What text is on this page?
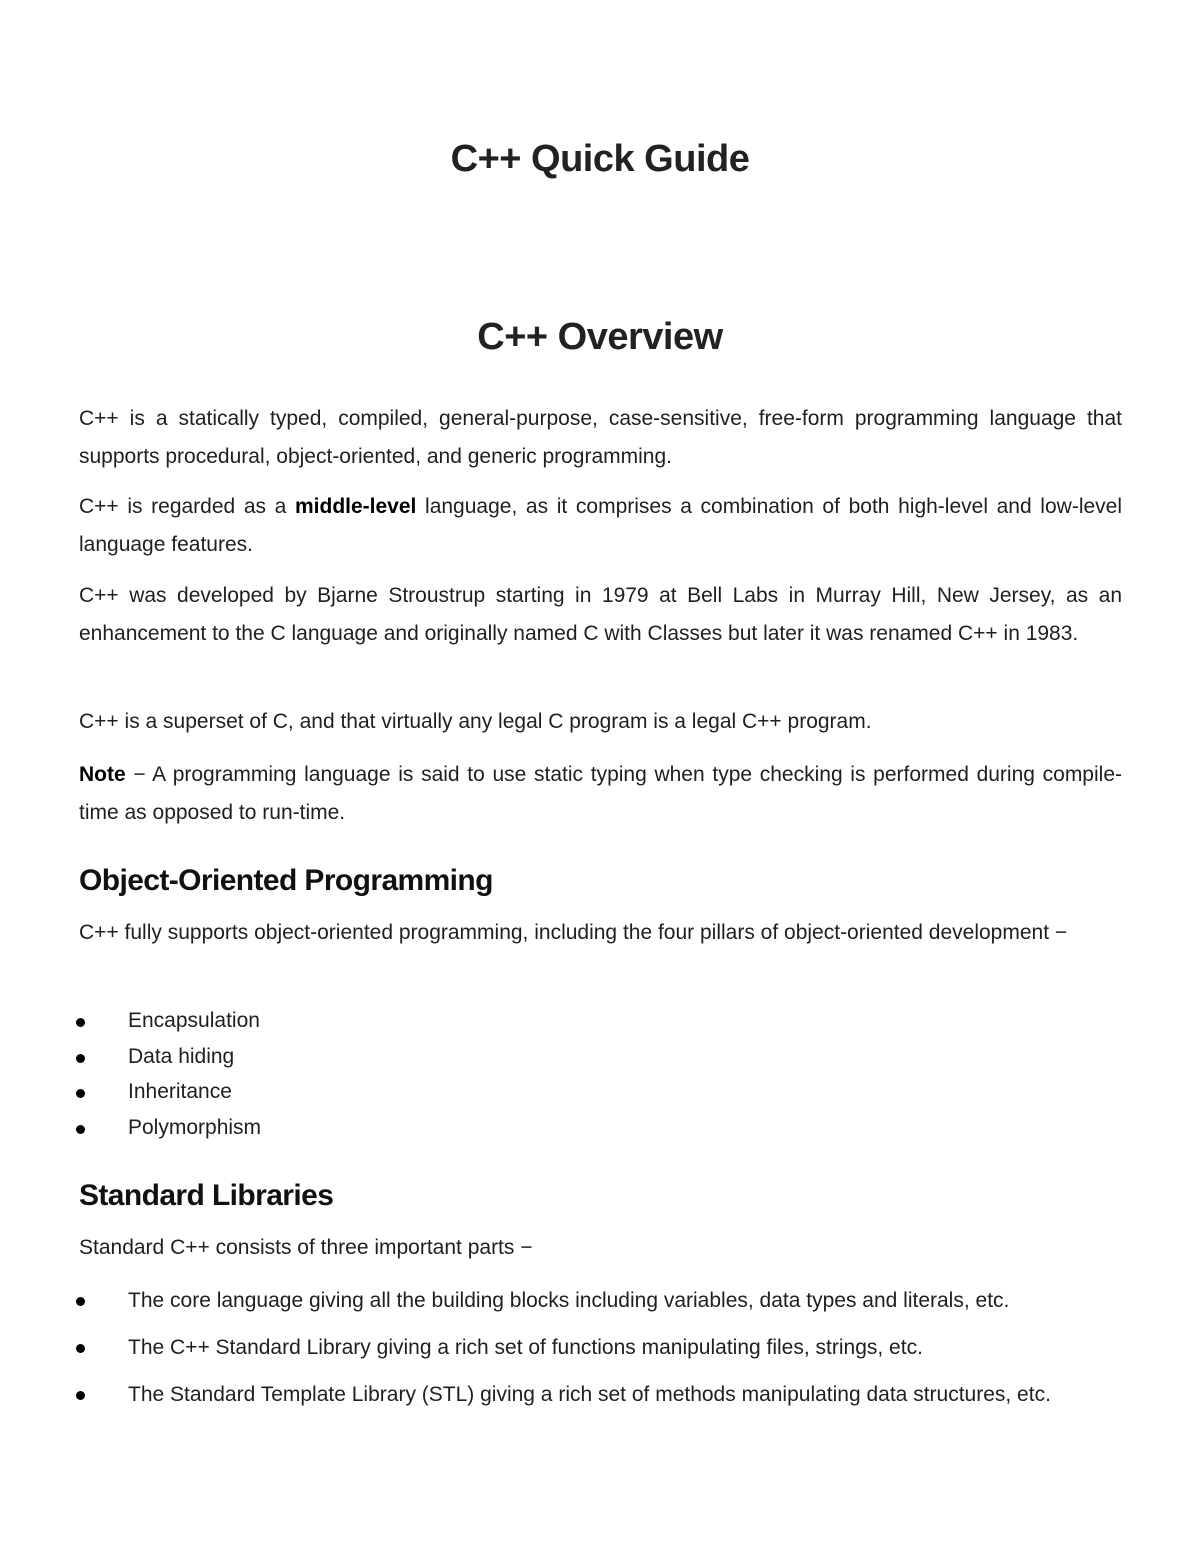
C++ Quick Guide
C++ Overview

C++ is a statically typed, compiled, general-purpose, case-sensitive, free-form programming language that supports procedural, object-oriented, and generic programming.

C++ is regarded as a middle-level language, as it comprises a combination of both high-level and low-level language features.

C++ was developed by Bjarne Stroustrup starting in 1979 at Bell Labs in Murray Hill, New Jersey, as an enhancement to the C language and originally named C with Classes but later it was renamed C++ in 1983.

C++ is a superset of C, and that virtually any legal C program is a legal C++ program.

Note − A programming language is said to use static typing when type checking is performed during compile-time as opposed to run-time.

Object-Oriented Programming

C++ fully supports object-oriented programming, including the four pillars of object-oriented development −

Encapsulation
Data hiding
Inheritance
Polymorphism
Standard Libraries

Standard C++ consists of three important parts −

The core language giving all the building blocks including variables, data types and literals, etc.
The C++ Standard Library giving a rich set of functions manipulating files, strings, etc.
The Standard Template Library (STL) giving a rich set of methods manipulating data structures, etc.
